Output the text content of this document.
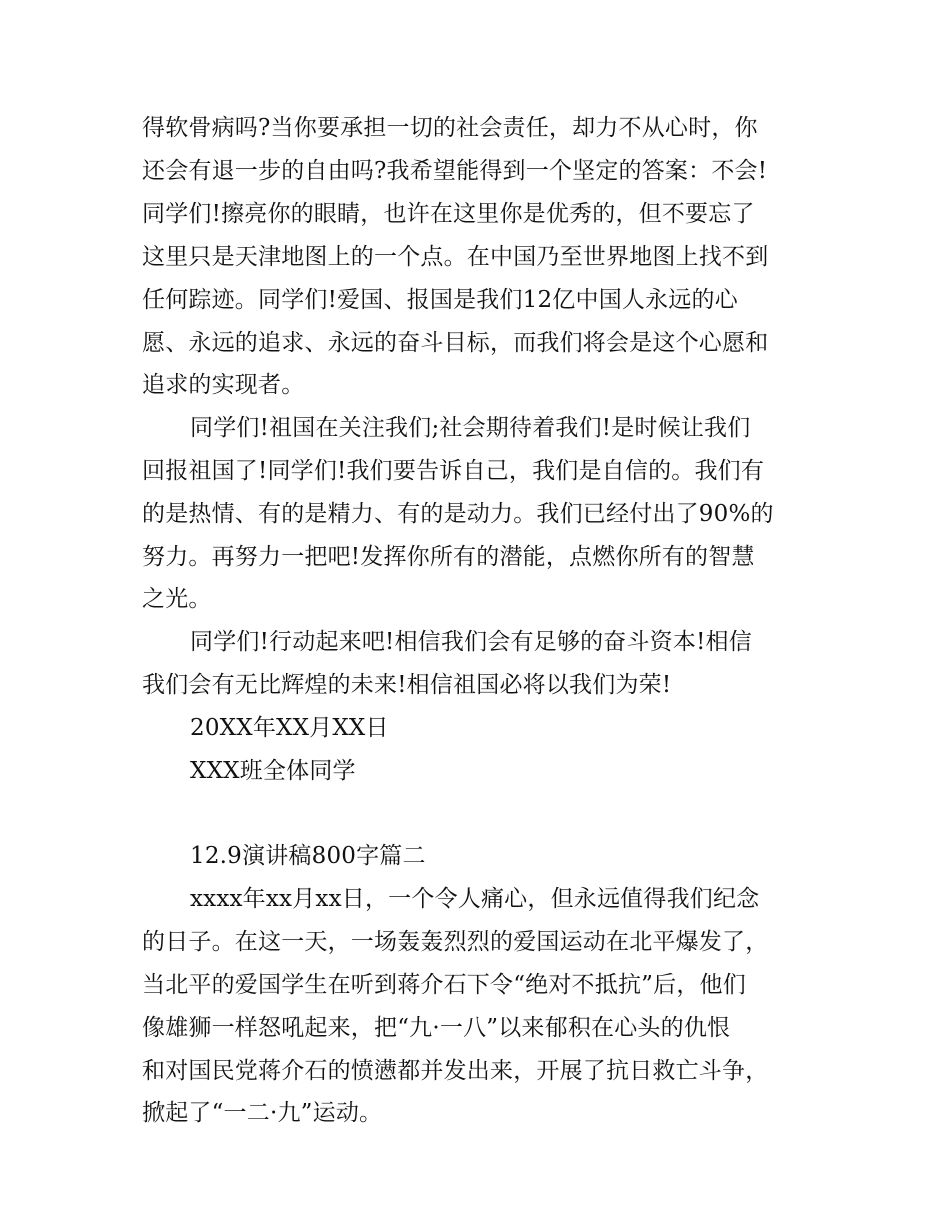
得软骨病吗?当你要承担一切的社会责任，却力不从心时，你
还会有退一步的自由吗?我希望能得到一个坚定的答案：不会!
同学们!擦亮你的眼睛，也许在这里你是优秀的，但不要忘了
这里只是天津地图上的一个点。在中国乃至世界地图上找不到
任何踪迹。同学们!爱国、报国是我们12亿中国人永远的心
愿、永远的追求、永远的奋斗目标，而我们将会是这个心愿和
追求的实现者。
同学们!祖国在关注我们;社会期待着我们!是时候让我们
回报祖国了!同学们!我们要告诉自己，我们是自信的。我们有
的是热情、有的是精力、有的是动力。我们已经付出了90%的
努力。再努力一把吧!发挥你所有的潜能，点燃你所有的智慧
之光。
同学们!行动起来吧!相信我们会有足够的奋斗资本!相信
我们会有无比辉煌的未来!相信祖国必将以我们为荣!
20XX年XX月XX日
XXX班全体同学
12.9演讲稿800字篇二
xxxx年xx月xx日，一个令人痛心，但永远值得我们纪念
的日子。在这一天，一场轰轰烈烈的爱国运动在北平爆发了，
当北平的爱国学生在听到蒋介石下令“绝对不抵抗”后，他们
像雄狮一样怒吼起来，把“九·一八”以来郁积在心头的仇恨
和对国民党蒋介石的愤懑都并发出来，开展了抗日救亡斗争，
掀起了“一二·九”运动。
